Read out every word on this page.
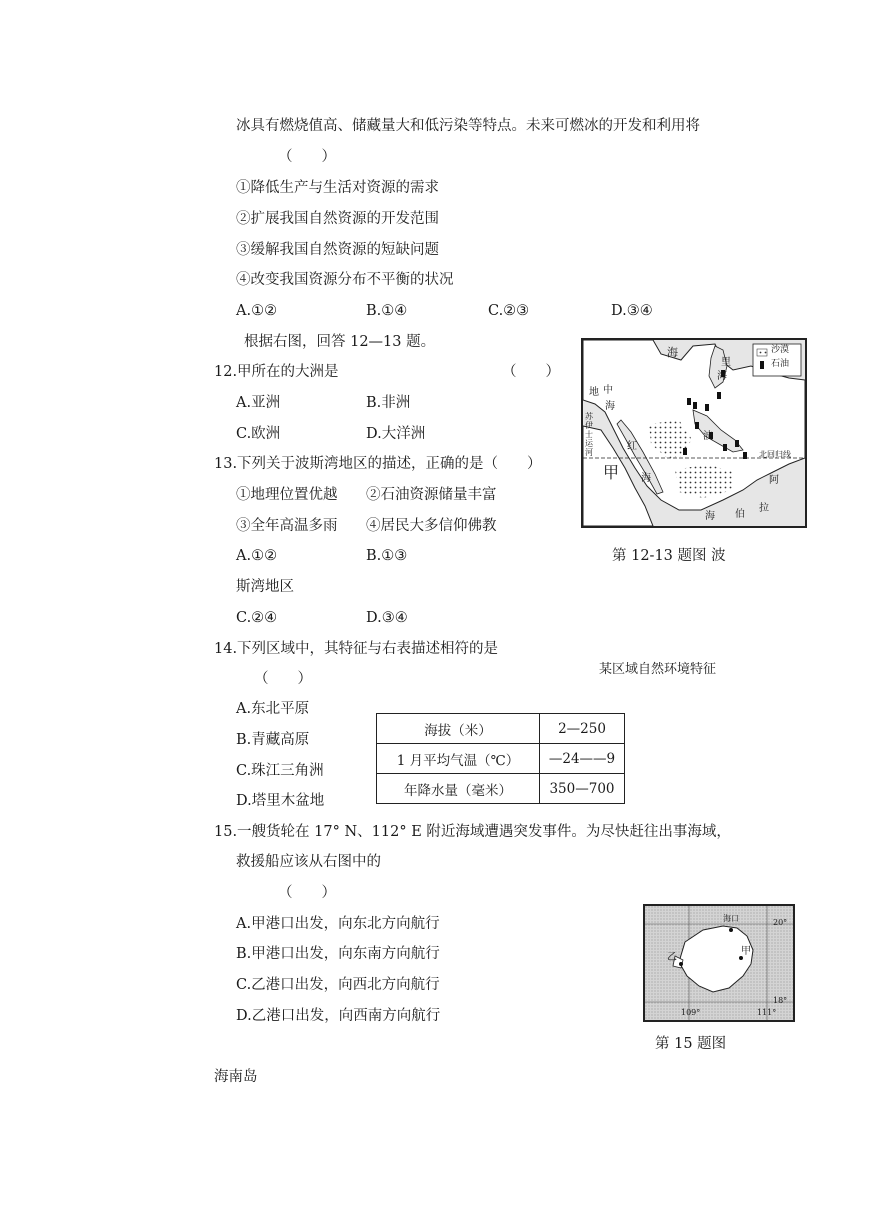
冰具有燃烧值高、储藏量大和低污染等特点。未来可燃冰的开发和利用将
（　　）
①降低生产与生活对资源的需求
②扩展我国自然资源的开发范围
③缓解我国自然资源的短缺问题
④改变我国资源分布不平衡的状况
A.①②	B.①④	C.②③	D.③④
根据右图，回答 12—13 题。
12.甲所在的大洲是	（　　）
A.亚洲	B.非洲
C.欧洲	D.大洋洲
13.下列关于波斯湾地区的描述，正确的是（　　）
①地理位置优越 ②石油资源储量丰富
③全年高温多雨 ④居民大多信仰佛教
A.①②	B.①③	第 12-13 题图 波
斯湾地区
C.②④	D.③④
沙漠
石油
海
里
海
地 中
海
苏伊士运河
红
海
甲
波
北回归线
阿
拉
海 伯
14.下列区域中，其特征与右表描述相符的是
（　　）
某区域自然环境特征
A.东北平原
B.青藏高原
C.珠江三角洲
D.塔里木盆地
海拔（米）	2—250
1 月平均气温（℃）	—24——9
年降水量（毫米）	350—700
15.一艘货轮在 17° N、112° E 附近海域遭遇突发事件。为尽快赶往出事海域，
救援船应该从右图中的
（　　）
A.甲港口出发，向东北方向航行
B.甲港口出发，向东南方向航行
C.乙港口出发，向西北方向航行
D.乙港口出发，向西南方向航行
海口
甲
乙
20°
18°
109°	111°
第 15 题图
海南岛
